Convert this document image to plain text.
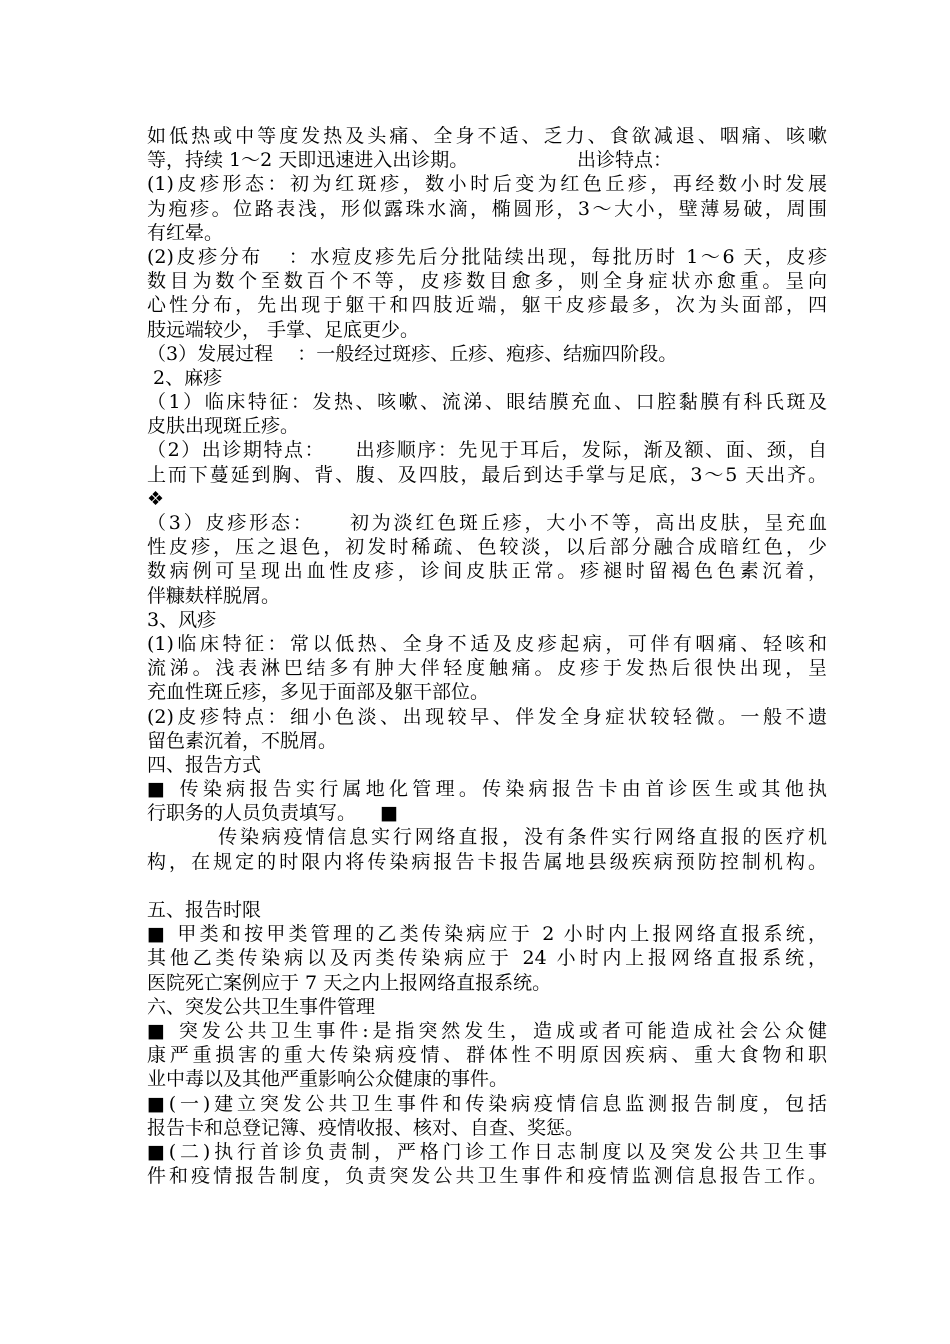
如低热或中等度发热及头痛、全身不适、乏力、食欲减退、咽痛、咳嗽
等，持续 1～2 天即迅速进入出诊期。                  出诊特点：
(1)皮疹形态：初为红斑疹，数小时后变为红色丘疹，再经数小时发展
为疱疹。位路表浅，形似露珠水滴，椭圆形，3～大小，壁薄易破，周围
有红晕。
(2)皮疹分布   ：水痘皮疹先后分批陆续出现，每批历时 1～6 天，皮疹
数目为数个至数百个不等，皮疹数目愈多，则全身症状亦愈重。呈向
心性分布，先出现于躯干和四肢近端，躯干皮疹最多，次为头面部，四
肢远端较少， 手掌、足底更少。
（3）发展过程    ：一般经过斑疹、丘疹、疱疹、结痂四阶段。
2、麻疹
（1）临床特征：发热、咳嗽、流涕、眼结膜充血、口腔黏膜有科氏斑及
皮肤出现斑丘疹。
（2）出诊期特点：    出疹顺序：先见于耳后，发际，渐及额、面、颈，自
上而下蔓延到胸、背、腹、及四肢，最后到达手掌与足底，3～5 天出齐。
❖
（3）皮疹形态：    初为淡红色斑丘疹，大小不等，高出皮肤，呈充血
性皮疹，压之退色，初发时稀疏、色较淡，以后部分融合成暗红色，少
数病例可呈现出血性皮疹，诊间皮肤正常。疹褪时留褐色色素沉着，
伴糠麸样脱屑。
3、风疹
(1)临床特征：常以低热、全身不适及皮疹起病，可伴有咽痛、轻咳和
流涕。浅表淋巴结多有肿大伴轻度触痛。皮疹于发热后很快出现，呈
充血性斑丘疹，多见于面部及躯干部位。
(2)皮疹特点：细小色淡、出现较早、伴发全身症状较轻微。一般不遗
留色素沉着，不脱屑。
四、报告方式
■ 传染病报告实行属地化管理。传染病报告卡由首诊医生或其他执
行职务的人员负责填写。    ■
传染病疫情信息实行网络直报，没有条件实行网络直报的医疗机
构，在规定的时限内将传染病报告卡报告属地县级疾病预防控制机构。
五、报告时限
■ 甲类和按甲类管理的乙类传染病应于 2 小时内上报网络直报系统，
其他乙类传染病以及丙类传染病应于 24 小时内上报网络直报系统，
医院死亡案例应于 7 天之内上报网络直报系统。
六、突发公共卫生事件管理
■ 突发公共卫生事件:是指突然发生，造成或者可能造成社会公众健
康严重损害的重大传染病疫情、群体性不明原因疾病、重大食物和职
业中毒以及其他严重影响公众健康的事件。
■(一)建立突发公共卫生事件和传染病疫情信息监测报告制度，包括
报告卡和总登记簿、疫情收报、核对、自查、奖惩。
■(二)执行首诊负责制，严格门诊工作日志制度以及突发公共卫生事
件和疫情报告制度，负责突发公共卫生事件和疫情监测信息报告工作。
